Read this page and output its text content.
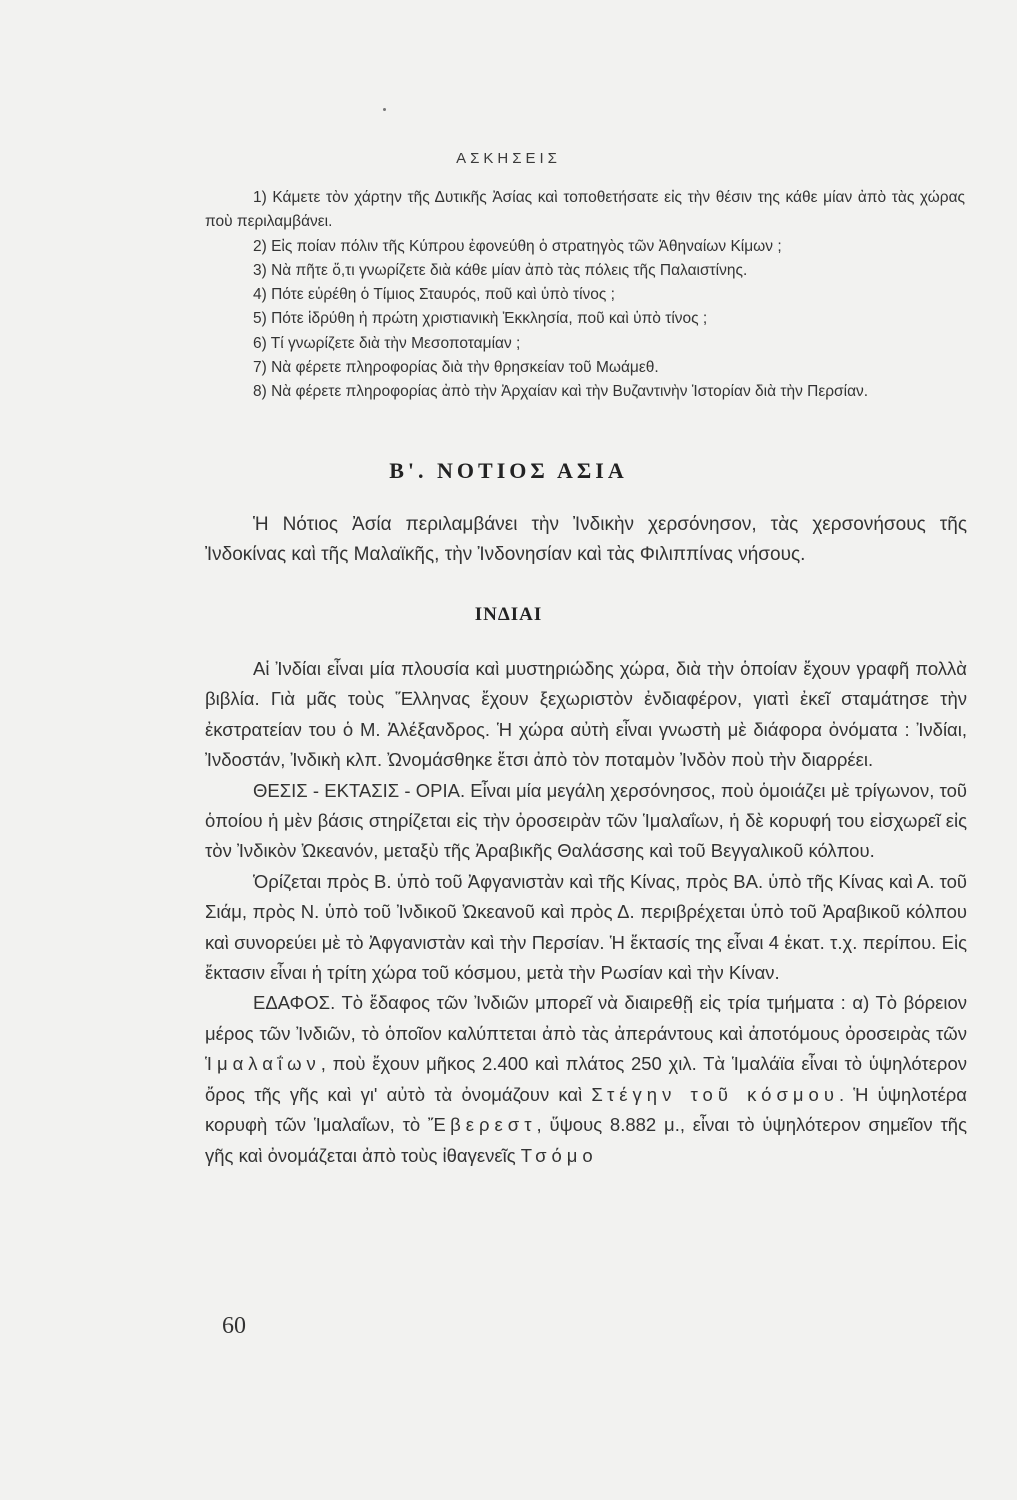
ΑΣΚΗΣΕΙΣ

1) Κάμετε τὸν χάρτην τῆς Δυτικῆς Ἀσίας καὶ τοποθετήσατε εἰς τὴν θέσιν της κάθε μίαν ἀπὸ τὰς χώρας ποὺ περιλαμβάνει.

2) Εἰς ποίαν πόλιν τῆς Κύπρου ἐφονεύθη ὁ στρατηγὸς τῶν Ἀθηναίων Κίμων ;

3) Νὰ πῆτε ὅ,τι γνωρίζετε διὰ κάθε μίαν ἀπὸ τὰς πόλεις τῆς Παλαιστίνης.

4) Πότε εὑρέθη ὁ Τίμιος Σταυρός, ποῦ καὶ ὑπὸ τίνος ;

5) Πότε ἱδρύθη ἡ πρώτη χριστιανικὴ Ἐκκλησία, ποῦ καὶ ὑπὸ τίνος ;

6) Τί γνωρίζετε διὰ τὴν Μεσοποταμίαν ;

7) Νὰ φέρετε πληροφορίας διὰ τὴν θρησκείαν τοῦ Μωάμεθ.

8) Νὰ φέρετε πληροφορίας ἀπὸ τὴν Ἀρχαίαν καὶ τὴν Βυζαντινὴν Ἱστορίαν διὰ τὴν Περσίαν.

Β'. ΝΟΤΙΟΣ ΑΣΙΑ

Ἡ Νότιος Ἀσία περιλαμβάνει τὴν Ἰνδικὴν χερσόνησον, τὰς χερσονήσους τῆς Ἰνδοκίνας καὶ τῆς Μαλαϊκῆς, τὴν Ἰνδονησίαν καὶ τὰς Φιλιππίνας νήσους.

ΙΝΔΙΑΙ

Αἱ Ἰνδίαι εἶναι μία πλουσία καὶ μυστηριώδης χώρα, διὰ τὴν ὁποίαν ἔχουν γραφῆ πολλὰ βιβλία. Γιὰ μᾶς τοὺς Ἕλληνας ἔχουν ξεχωριστὸν ἐνδιαφέρον, γιατὶ ἐκεῖ σταμάτησε τὴν ἐκστρατείαν του ὁ Μ. Ἀλέξανδρος. Ἡ χώρα αὐτὴ εἶναι γνωστὴ μὲ διάφορα ὀνόματα : Ἰνδίαι, Ἰνδοστάν, Ἰνδικὴ κλπ. Ὠνομάσθηκε ἔτσι ἀπὸ τὸν ποταμὸν Ἰνδὸν ποὺ τὴν διαρρέει.

ΘΕΣΙΣ - ΕΚΤΑΣΙΣ - ΟΡΙΑ. Εἶναι μία μεγάλη χερσόνησος, ποὺ ὁμοιάζει μὲ τρίγωνον, τοῦ ὁποίου ἡ μὲν βάσις στηρίζεται εἰς τὴν ὀροσειρὰν τῶν Ἱμαλαΐων, ἡ δὲ κορυφή του εἰσχωρεῖ εἰς τὸν Ἰνδικὸν Ὠκεανόν, μεταξὺ τῆς Ἀραβικῆς Θαλάσσης καὶ τοῦ Βεγγαλικοῦ κόλπου.

Ὁρίζεται πρὸς Β. ὑπὸ τοῦ Ἀφγανιστὰν καὶ τῆς Κίνας, πρὸς ΒΑ. ὑπὸ τῆς Κίνας καὶ Α. τοῦ Σιάμ, πρὸς Ν. ὑπὸ τοῦ Ἰνδικοῦ Ὠκεανοῦ καὶ πρὸς Δ. περιβρέχεται ὑπὸ τοῦ Ἀραβικοῦ κόλπου καὶ συνορεύει μὲ τὸ Ἀφγανιστὰν καὶ τὴν Περσίαν. Ἡ ἔκτασίς της εἶναι 4 ἑκατ. τ.χ. περίπου. Εἰς ἔκτασιν εἶναι ἡ τρίτη χώρα τοῦ κόσμου, μετὰ τὴν Ρωσίαν καὶ τὴν Κίναν.

ΕΔΑΦΟΣ. Τὸ ἔδαφος τῶν Ἰνδιῶν μπορεῖ νὰ διαιρεθῇ εἰς τρία τμήματα : α) Τὸ βόρειον μέρος τῶν Ἰνδιῶν, τὸ ὁποῖον καλύπτεται ἀπὸ τὰς ἀπεράντους καὶ ἀποτόμους ὀροσειρὰς τῶν Ἱμαλαΐων, ποὺ ἔχουν μῆκος 2.400 καὶ πλάτος 250 χιλ. Τὰ Ἱμαλάϊα εἶναι τὸ ὑψηλότερον ὄρος τῆς γῆς καὶ γι' αὐτὸ τὰ ὀνομάζουν καὶ Στέγην τοῦ κόσμου. Ἡ ὑψηλοτέρα κορυφὴ τῶν Ἱμαλαΐων, τὸ Ἔβερεστ, ὕψους 8.882 μ., εἶναι τὸ ὑψηλότερον σημεῖον τῆς γῆς καὶ ὀνομάζεται ἀπὸ τοὺς ἰθαγενεῖς Τσόμο

60
